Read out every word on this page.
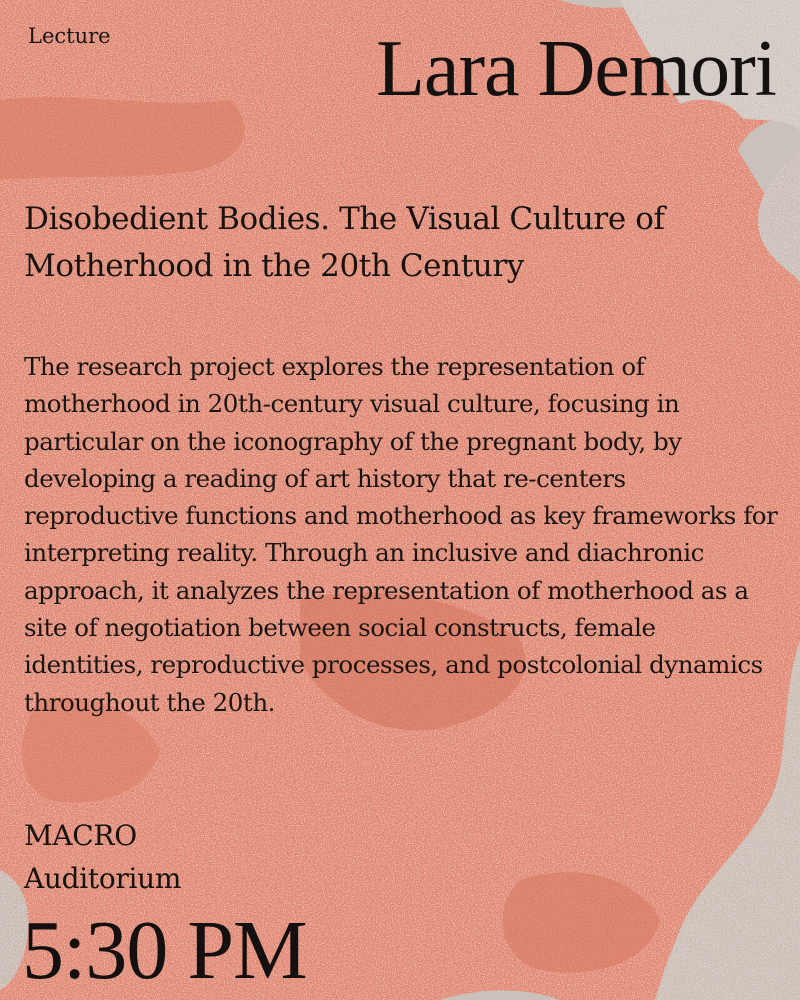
Lecture	Lara Demori
Disobedient Bodies. The Visual Culture of Motherhood in the 20th Century
The research project explores the representation of motherhood in 20th-century visual culture, focusing in particular on the iconography of the pregnant body, by developing a reading of art history that re-centers reproductive functions and motherhood as key frameworks for interpreting reality. Through an inclusive and diachronic approach, it analyzes the representation of motherhood as a site of negotiation between social constructs, female identities, reproductive processes, and postcolonial dynamics throughout the 20th.
MACRO
Auditorium
5:30 PM
